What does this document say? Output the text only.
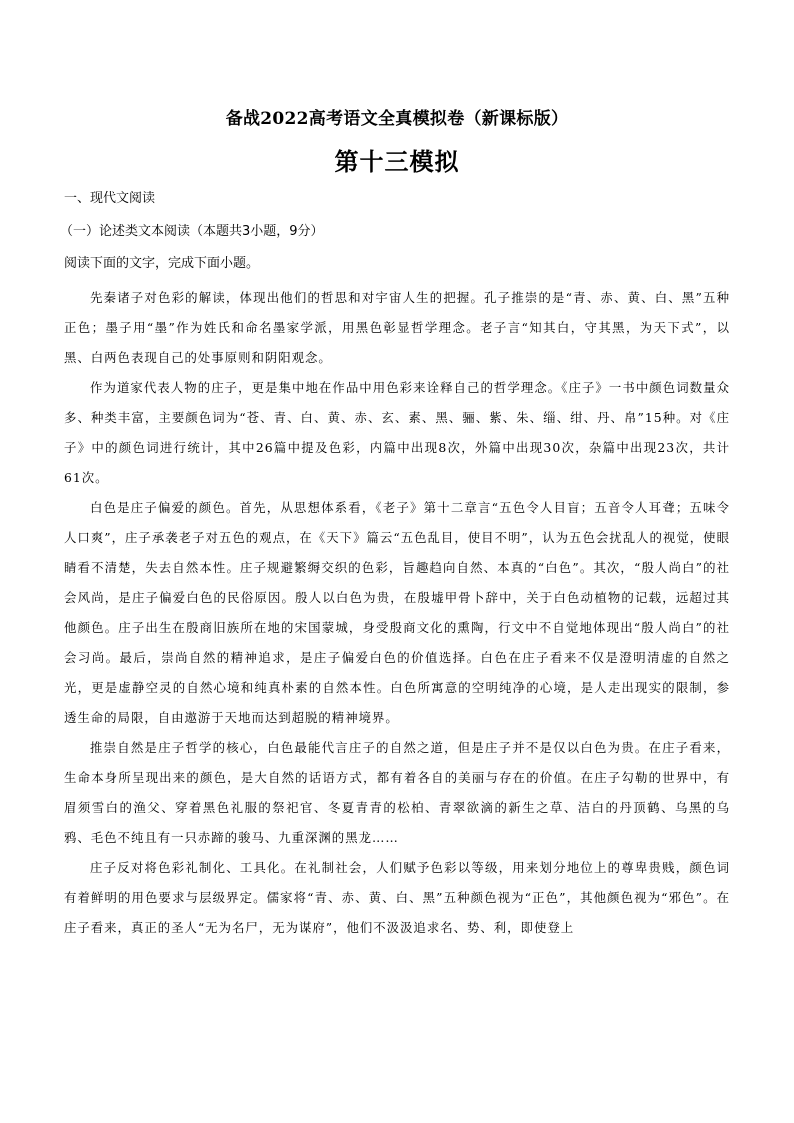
备战2022高考语文全真模拟卷（新课标版）
第十三模拟
一、现代文阅读
（一）论述类文本阅读（本题共3小题，9分）
阅读下面的文字，完成下面小题。

先秦诸子对色彩的解读，体现出他们的哲思和对宇宙人生的把握。孔子推崇的是“青、赤、黄、白、黑”五种正色；墨子用“墨”作为姓氏和命名墨家学派，用黑色彰显哲学理念。老子言“知其白，守其黑，为天下式”，以黑、白两色表现自己的处事原则和阴阳观念。

作为道家代表人物的庄子，更是集中地在作品中用色彩来诠释自己的哲学理念。《庄子》一书中颜色词数量众多、种类丰富，主要颜色词为“苍、青、白、黄、赤、玄、素、黑、骊、紫、朱、缁、绀、丹、帛”15种。对《庄子》中的颜色词进行统计，其中26篇中提及色彩，内篇中出现8次，外篇中出现30次，杂篇中出现23次，共计61次。

白色是庄子偏爱的颜色。首先，从思想体系看，《老子》第十二章言“五色令人目盲；五音令人耳聋；五味令人口爽”，庄子承袭老子对五色的观点，在《天下》篇云“五色乱目，使目不明”，认为五色会扰乱人的视觉，使眼睛看不清楚，失去自然本性。庄子规避繁缛交织的色彩，旨趣趋向自然、本真的“白色”。其次，“殷人尚白”的社会风尚，是庄子偏爱白色的民俗原因。殷人以白色为贵，在殷墟甲骨卜辞中，关于白色动植物的记载，远超过其他颜色。庄子出生在殷商旧族所在地的宋国蒙城，身受殷商文化的熏陶，行文中不自觉地体现出“殷人尚白”的社会习尚。最后，崇尚自然的精神追求，是庄子偏爱白色的价值选择。白色在庄子看来不仅是澄明清虚的自然之光，更是虚静空灵的自然心境和纯真朴素的自然本性。白色所寓意的空明纯净的心境，是人走出现实的限制，参透生命的局限，自由遨游于天地而达到超脱的精神境界。

推崇自然是庄子哲学的核心，白色最能代言庄子的自然之道，但是庄子并不是仅以白色为贵。在庄子看来，生命本身所呈现出来的颜色，是大自然的话语方式，都有着各自的美丽与存在的价值。在庄子勾勒的世界中，有眉须雪白的渔父、穿着黑色礼服的祭祀官、冬夏青青的松柏、青翠欲滴的新生之草、洁白的丹顶鹤、乌黑的乌鸦、毛色不纯且有一只赤蹄的骏马、九重深渊的黑龙……

庄子反对将色彩礼制化、工具化。在礼制社会，人们赋予色彩以等级，用来划分地位上的尊卑贵贱，颜色词有着鲜明的用色要求与层级界定。儒家将“青、赤、黄、白、黑”五种颜色视为“正色”，其他颜色视为“邪色”。在庄子看来，真正的圣人“无为名尸，无为谋府”，他们不汲汲追求名、势、利，即使登上
